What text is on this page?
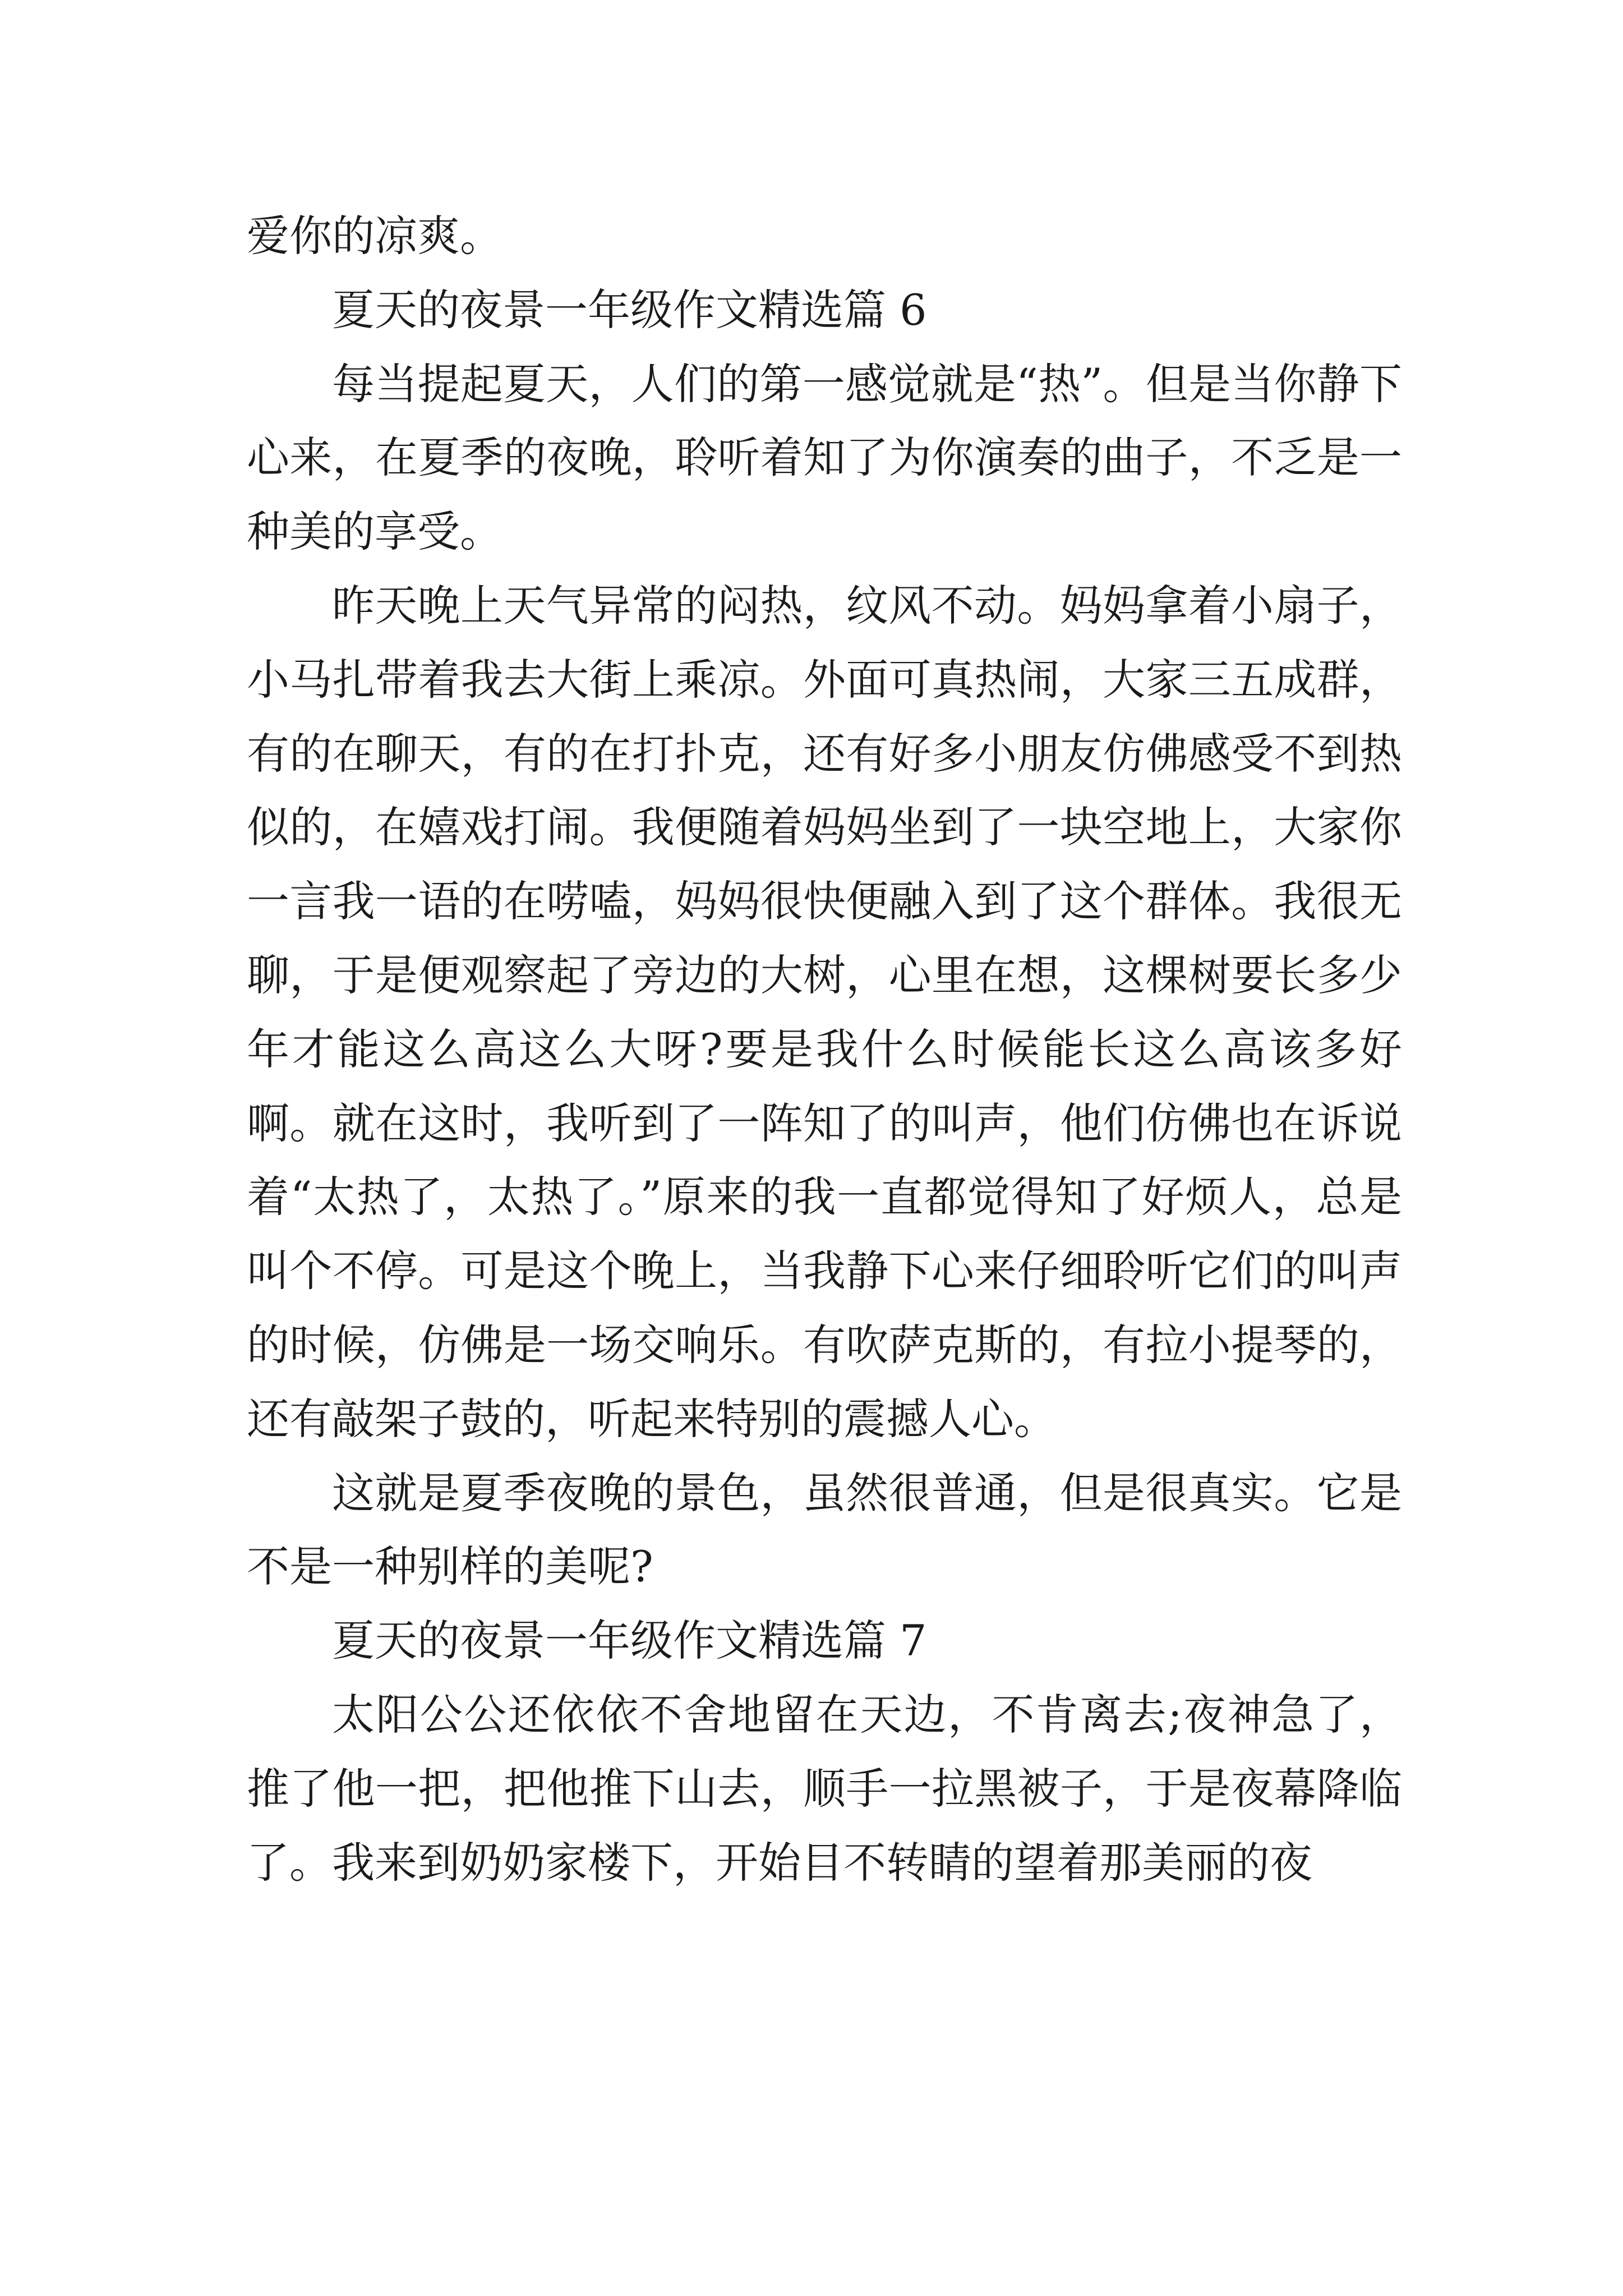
爱你的凉爽。

夏天的夜景一年级作文精选篇 6

每当提起夏天，人们的第一感觉就是“热”。但是当你静下心来，在夏季的夜晚，聆听着知了为你演奏的曲子，不乏是一种美的享受。

昨天晚上天气异常的闷热，纹风不动。妈妈拿着小扇子，小马扎带着我去大街上乘凉。外面可真热闹，大家三五成群，有的在聊天，有的在打扑克，还有好多小朋友仿佛感受不到热似的，在嬉戏打闹。我便随着妈妈坐到了一块空地上，大家你一言我一语的在唠嗑，妈妈很快便融入到了这个群体。我很无聊，于是便观察起了旁边的大树，心里在想，这棵树要长多少年才能这么高这么大呀?要是我什么时候能长这么高该多好啊。就在这时，我听到了一阵知了的叫声，他们仿佛也在诉说着“太热了，太热了。”原来的我一直都觉得知了好烦人，总是叫个不停。可是这个晚上，当我静下心来仔细聆听它们的叫声的时候，仿佛是一场交响乐。有吹萨克斯的，有拉小提琴的，还有敲架子鼓的，听起来特别的震撼人心。

这就是夏季夜晚的景色，虽然很普通，但是很真实。它是不是一种别样的美呢?

夏天的夜景一年级作文精选篇 7

太阳公公还依依不舍地留在天边，不肯离去;夜神急了，推了他一把，把他推下山去，顺手一拉黑被子，于是夜幕降临了。我来到奶奶家楼下，开始目不转睛的望着那美丽的夜
